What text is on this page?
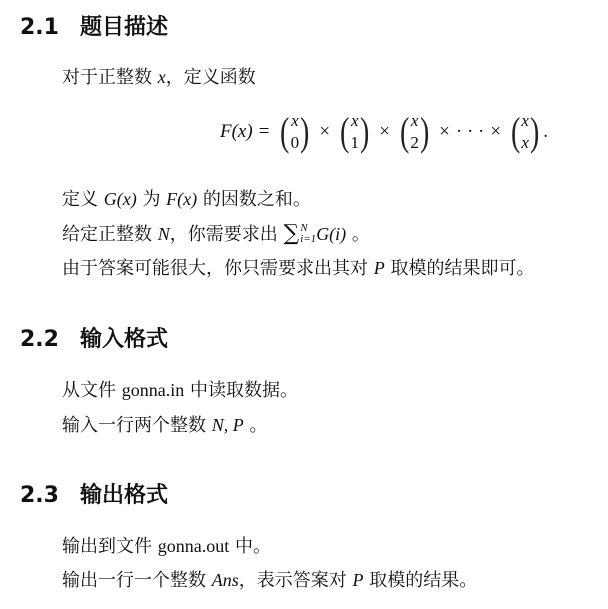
2.1 题目描述
对于正整数 x，定义函数
F(x) = ( x
0 ) × ( x
1 ) × ( x
2 ) × · · · × ( x
x ) .
定义 G(x) 为 F(x) 的因数之和。
给定正整数 N，你需要求出 ∑ N
i=1 G(i) 。
由于答案可能很大，你只需要求出其对 P 取模的结果即可。
2.2 输入格式
从文件 gonna.in 中读取数据。
输入一行两个整数 N, P 。
2.3 输出格式
输出到文件 gonna.out 中。
输出一行一个整数 Ans，表示答案对 P 取模的结果。
